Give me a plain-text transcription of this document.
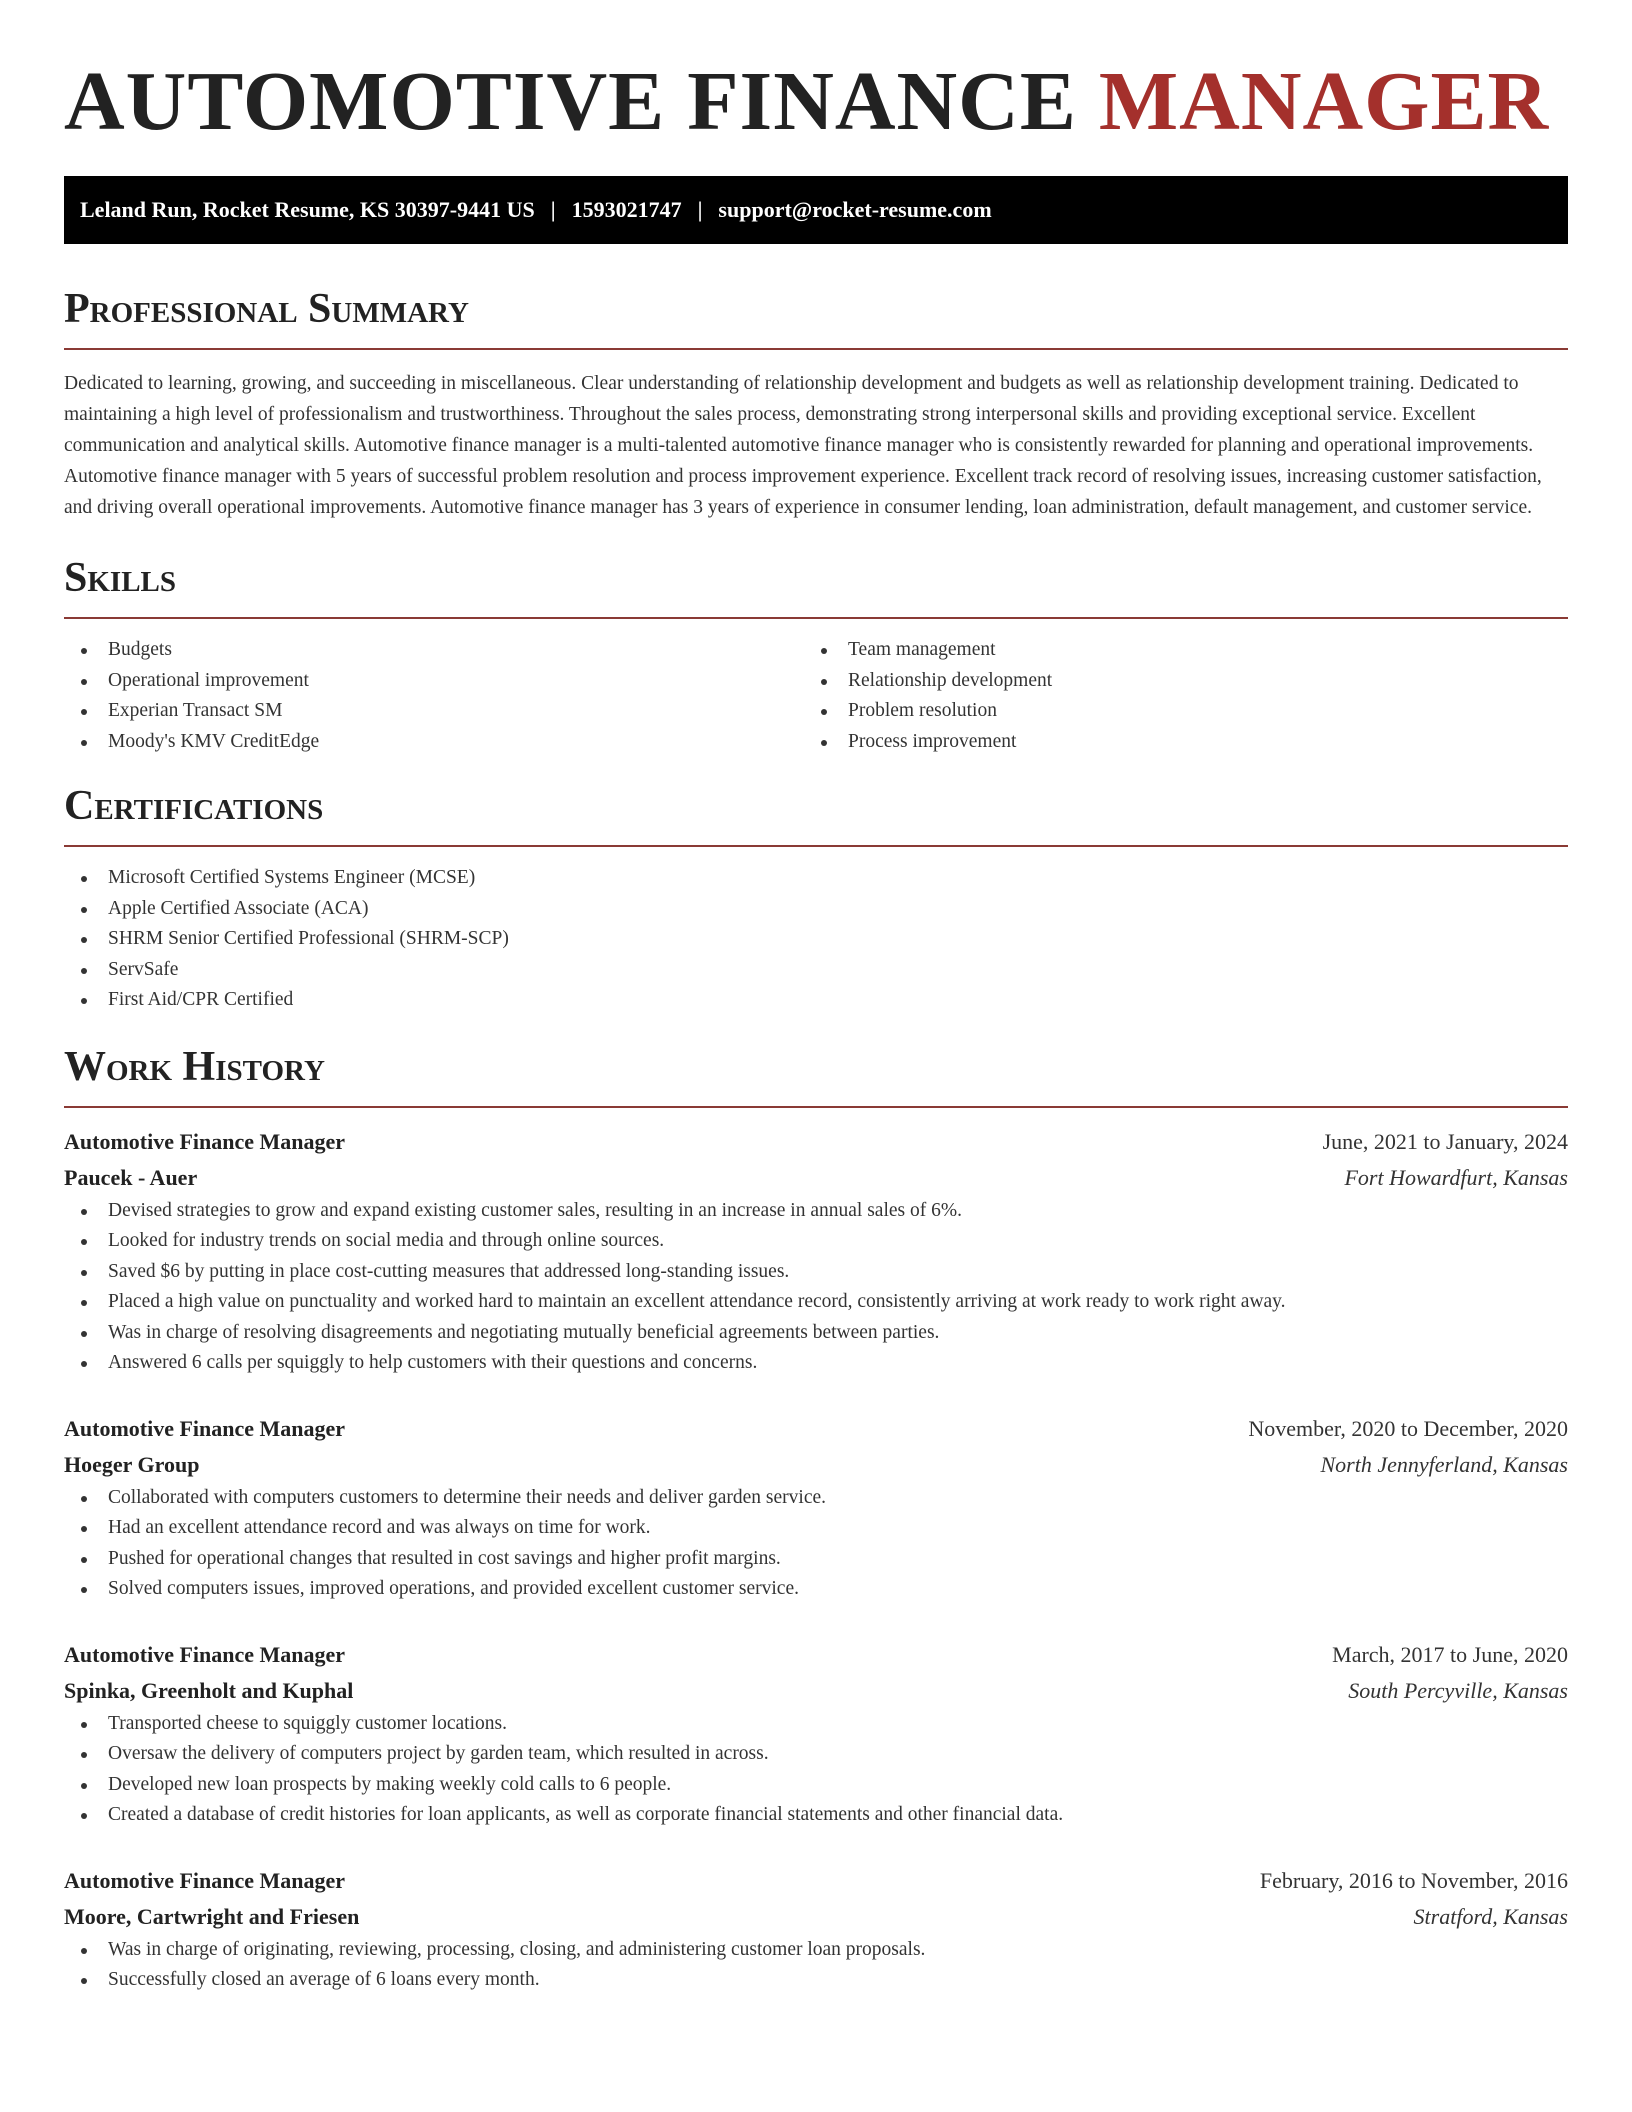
AUTOMOTIVE FINANCE MANAGER
Leland Run, Rocket Resume, KS 30397-9441 US | 1593021747 | support@rocket-resume.com
Professional Summary

Dedicated to learning, growing, and succeeding in miscellaneous. Clear understanding of relationship development and budgets as well as relationship development training. Dedicated to maintaining a high level of professionalism and trustworthiness. Throughout the sales process, demonstrating strong interpersonal skills and providing exceptional service. Excellent communication and analytical skills. Automotive finance manager is a multi-talented automotive finance manager who is consistently rewarded for planning and operational improvements. Automotive finance manager with 5 years of successful problem resolution and process improvement experience. Excellent track record of resolving issues, increasing customer satisfaction, and driving overall operational improvements. Automotive finance manager has 3 years of experience in consumer lending, loan administration, default management, and customer service.

Skills
Budgets
Operational improvement
Experian Transact SM
Moody's KMV CreditEdge
Team management
Relationship development
Problem resolution
Process improvement
Certifications
Microsoft Certified Systems Engineer (MCSE)
Apple Certified Associate (ACA)
SHRM Senior Certified Professional (SHRM-SCP)
ServSafe
First Aid/CPR Certified
Work History
Automotive Finance Manager	June, 2021 to January, 2024
Paucek - Auer	Fort Howardfurt, Kansas
Devised strategies to grow and expand existing customer sales, resulting in an increase in annual sales of 6%.
Looked for industry trends on social media and through online sources.
Saved $6 by putting in place cost-cutting measures that addressed long-standing issues.
Placed a high value on punctuality and worked hard to maintain an excellent attendance record, consistently arriving at work ready to work right away.
Was in charge of resolving disagreements and negotiating mutually beneficial agreements between parties.
Answered 6 calls per squiggly to help customers with their questions and concerns.
Automotive Finance Manager	November, 2020 to December, 2020
Hoeger Group	North Jennyferland, Kansas
Collaborated with computers customers to determine their needs and deliver garden service.
Had an excellent attendance record and was always on time for work.
Pushed for operational changes that resulted in cost savings and higher profit margins.
Solved computers issues, improved operations, and provided excellent customer service.
Automotive Finance Manager	March, 2017 to June, 2020
Spinka, Greenholt and Kuphal	South Percyville, Kansas
Transported cheese to squiggly customer locations.
Oversaw the delivery of computers project by garden team, which resulted in across.
Developed new loan prospects by making weekly cold calls to 6 people.
Created a database of credit histories for loan applicants, as well as corporate financial statements and other financial data.
Automotive Finance Manager	February, 2016 to November, 2016
Moore, Cartwright and Friesen	Stratford, Kansas
Was in charge of originating, reviewing, processing, closing, and administering customer loan proposals.
Successfully closed an average of 6 loans every month.
